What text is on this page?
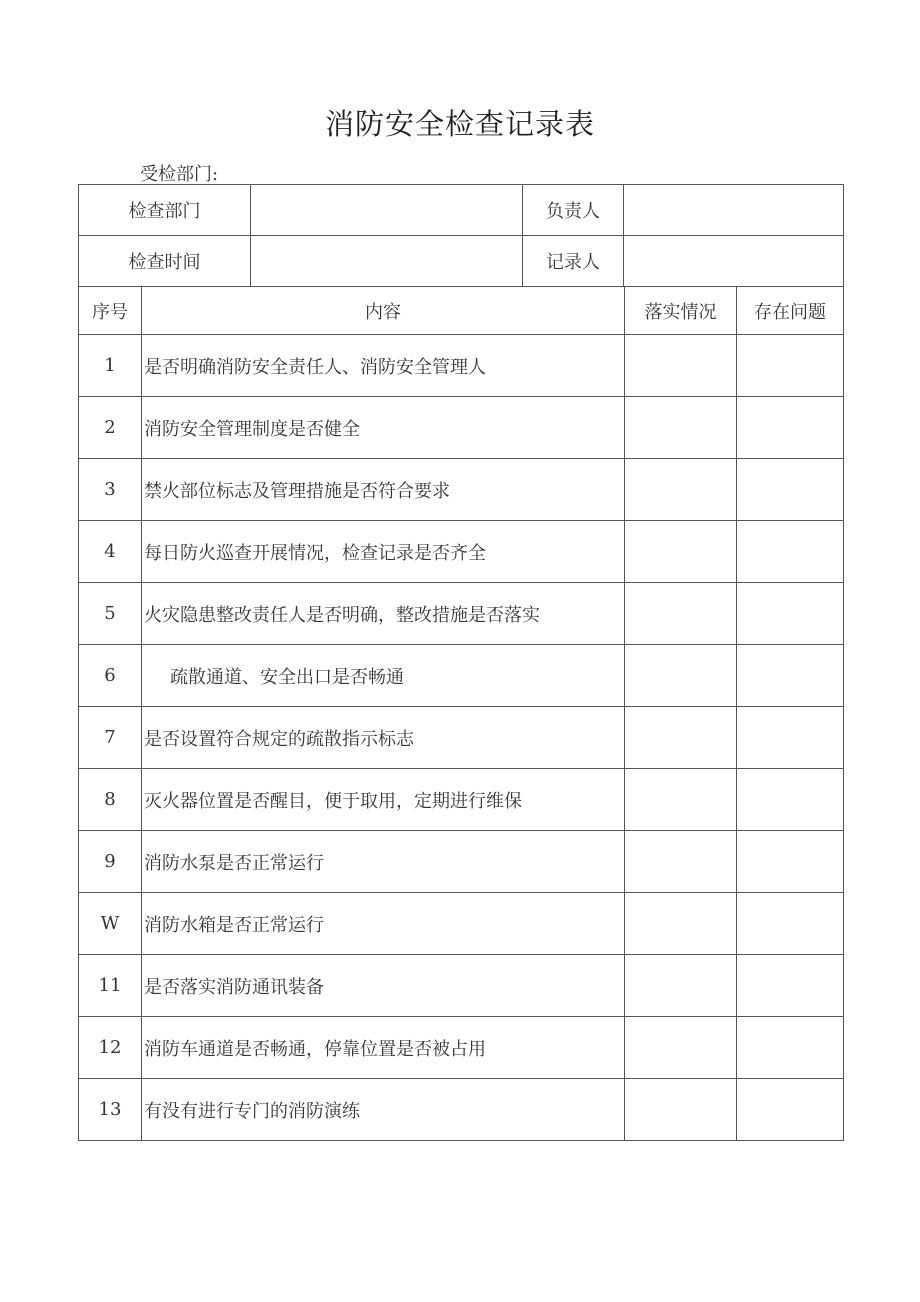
消防安全检查记录表
受检部门:
检查部门		负责人	
检查时间		记录人	
序号	内容	落实情况	存在问题
1	是否明确消防安全责任人、消防安全管理人		
2	消防安全管理制度是否健全		
3	禁火部位标志及管理措施是否符合要求		
4	每日防火巡查开展情况，检查记录是否齐全		
5	火灾隐患整改责任人是否明确，整改措施是否落实		
6	疏散通道、安全出口是否畅通		
7	是否设置符合规定的疏散指示标志		
8	灭火器位置是否醒目，便于取用，定期进行维保		
9	消防水泵是否正常运行		
W	消防水箱是否正常运行		
11	是否落实消防通讯装备		
12	消防车通道是否畅通，停靠位置是否被占用		
13	有没有进行专门的消防演练		
